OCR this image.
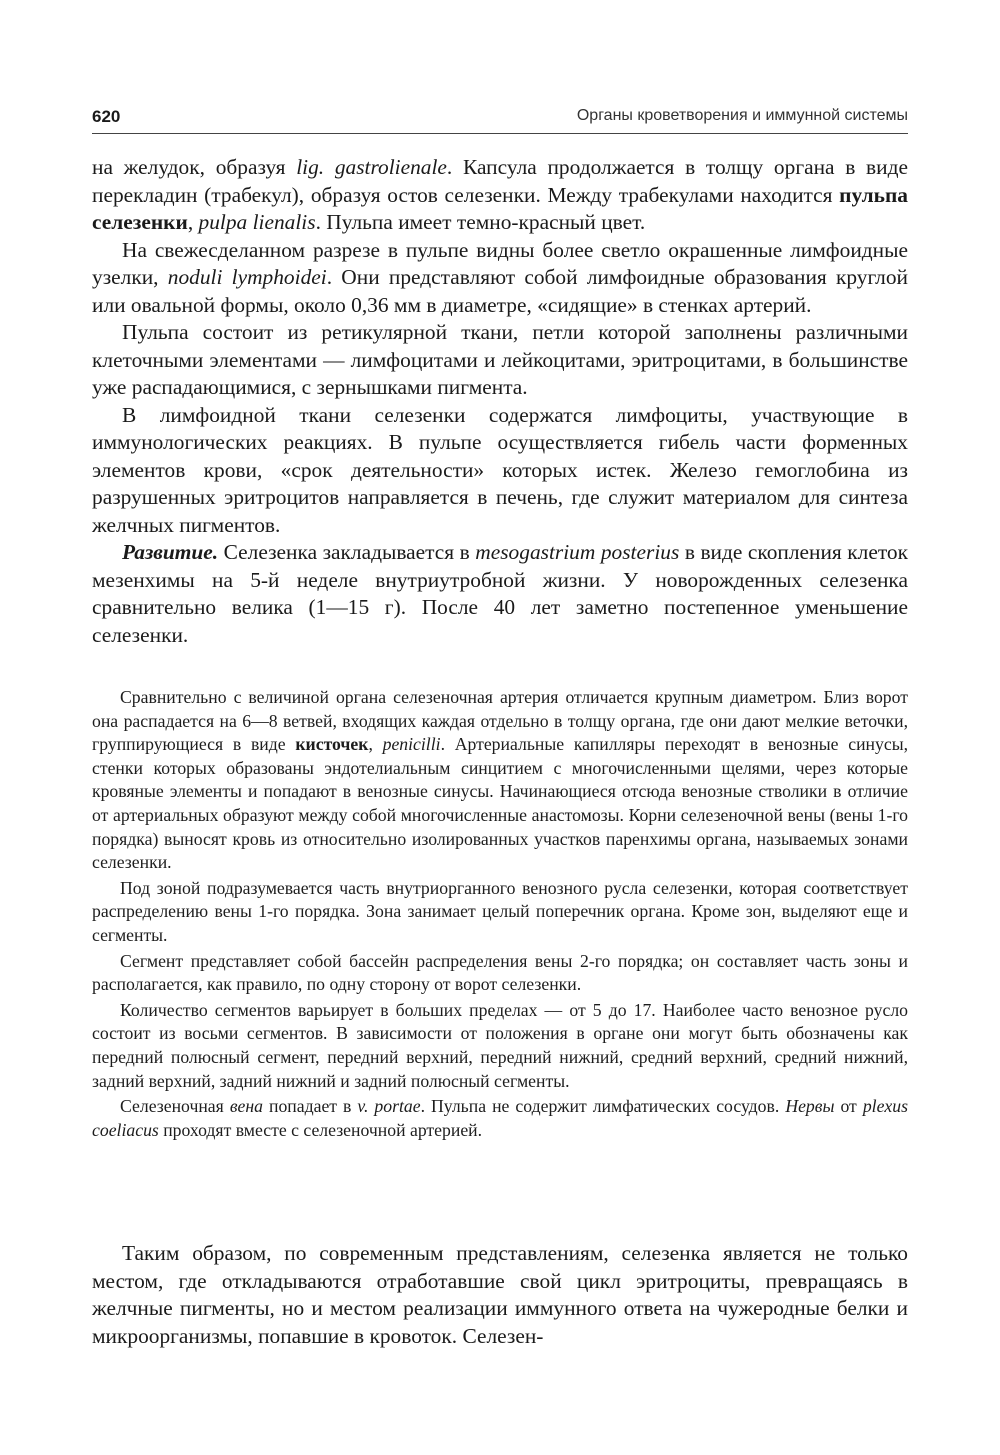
620	Органы кроветворения и иммунной системы

на желудок, образуя lig. gastrolienale. Капсула продолжается в толщу органа в виде перекладин (трабекул), образуя остов селезенки. Между трабекулами находится пульпа селезенки, pulpa lienalis. Пульпа имеет темно-красный цвет.

На свежесделанном разрезе в пульпе видны более светло окрашенные лимфоидные узелки, noduli lymphoidei. Они представляют собой лимфоидные образования круглой или овальной формы, около 0,36 мм в диаметре, «сидящие» в стенках артерий.

Пульпа состоит из ретикулярной ткани, петли которой заполнены различными клеточными элементами — лимфоцитами и лейкоцитами, эритроцитами, в большинстве уже распадающимися, с зернышками пигмента.

В лимфоидной ткани селезенки содержатся лимфоциты, участвующие в иммунологических реакциях. В пульпе осуществляется гибель части форменных элементов крови, «срок деятельности» которых истек. Железо гемоглобина из разрушенных эритроцитов направляется в печень, где служит материалом для синтеза желчных пигментов.

Развитие. Селезенка закладывается в mesogastrium posterius в виде скопления клеток мезенхимы на 5-й неделе внутриутробной жизни. У новорожденных селезенка сравнительно велика (1—15 г). После 40 лет заметно постепенное уменьшение селезенки.

Сравнительно с величиной органа селезеночная артерия отличается крупным диаметром. Близ ворот она распадается на 6—8 ветвей, входящих каждая отдельно в толщу органа, где они дают мелкие веточки, группирующиеся в виде кисточек, penicilli. Артериальные капилляры переходят в венозные синусы, стенки которых образованы эндотелиальным синцитием с многочисленными щелями, через которые кровяные элементы и попадают в венозные синусы. Начинающиеся отсюда венозные стволики в отличие от артериальных образуют между собой многочисленные анастомозы. Корни селезеночной вены (вены 1-го порядка) выносят кровь из относительно изолированных участков паренхимы органа, называемых зонами селезенки.

Под зоной подразумевается часть внутриорганного венозного русла селезенки, которая соответствует распределению вены 1-го порядка. Зона занимает целый поперечник органа. Кроме зон, выделяют еще и сегменты.

Сегмент представляет собой бассейн распределения вены 2-го порядка; он составляет часть зоны и располагается, как правило, по одну сторону от ворот селезенки.

Количество сегментов варьирует в больших пределах — от 5 до 17. Наиболее часто венозное русло состоит из восьми сегментов. В зависимости от положения в органе они могут быть обозначены как передний полюсный сегмент, передний верхний, передний нижний, средний верхний, средний нижний, задний верхний, задний нижний и задний полюсный сегменты.

Селезеночная вена попадает в v. portae. Пульпа не содержит лимфатических сосудов. Нервы от plexus coeliacus проходят вместе с селезеночной артерией.

Таким образом, по современным представлениям, селезенка является не только местом, где откладываются отработавшие свой цикл эритроциты, превращаясь в желчные пигменты, но и местом реализации иммунного ответа на чужеродные белки и микроорганизмы, попавшие в кровоток. Селезен-
